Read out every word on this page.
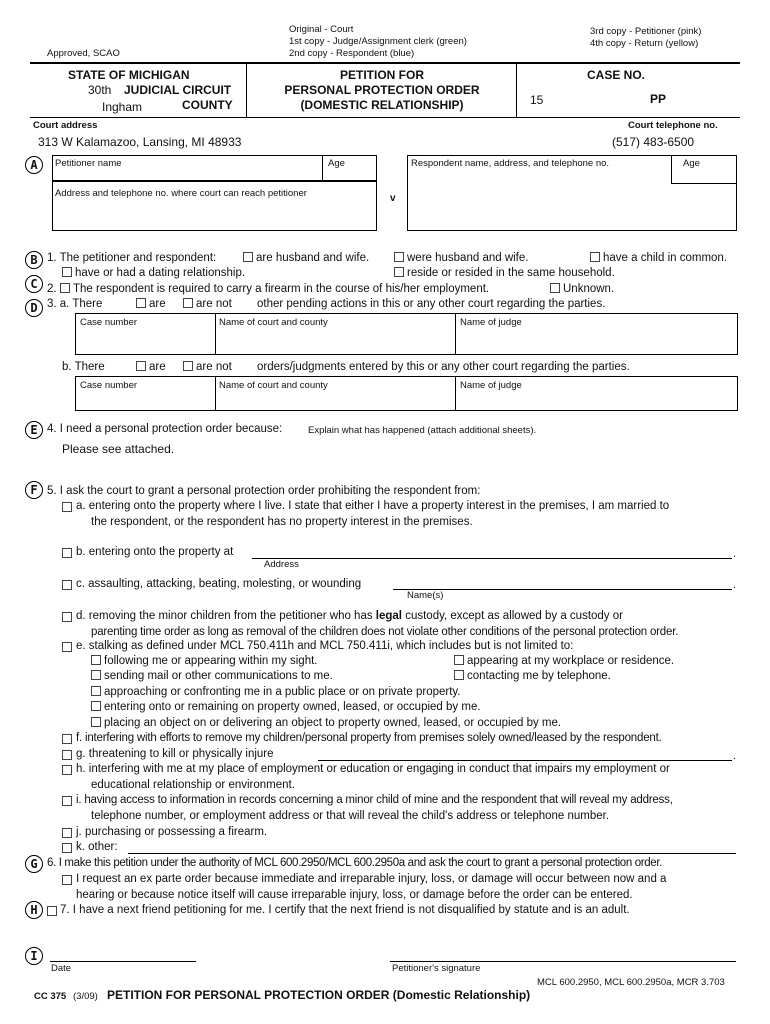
Approved, SCAO
Original - Court
1st copy - Judge/Assignment clerk (green)
2nd copy - Respondent (blue)
3rd copy - Petitioner (pink)
4th copy - Return (yellow)
STATE OF MICHIGAN
30th JUDICIAL CIRCUIT
Ingham	COUNTY
PETITION FOR
PERSONAL PROTECTION ORDER
(DOMESTIC RELATIONSHIP)
CASE NO.
15	PP
Court address	Court telephone no.
313 W Kalamazoo, Lansing, MI 48933	(517) 483-6500
A
B
C
D
E
F
G
H
I
Petitioner name	Age
Address and telephone no. where court can reach petitioner	v
Respondent name, address, and telephone no.	Age
1. The petitioner and respondent:	are husband and wife.	were husband and wife.	have a child in common.
have or had a dating relationship.	reside or resided in the same household.
2.	The respondent is required to carry a firearm in the course of his/her employment.	Unknown.
3. a. There	are	are not other pending actions in this or any other court regarding the parties.
Case number	Name of court and county	Name of judge
b. There	are	are not orders/judgments entered by this or any other court regarding the parties.
Case number	Name of court and county	Name of judge
4. I need a personal protection order because:	Explain what has happened (attach additional sheets).
Please see attached.
5. I ask the court to grant a personal protection order prohibiting the respondent from:
a. entering onto the property where I live. I state that either I have a property interest in the premises, I am married to
the respondent, or the respondent has no property interest in the premises.
b. entering onto the property at	.
Address
c. assaulting, attacking, beating, molesting, or wounding	.
Name(s)
d. removing the minor children from the petitioner who has legal custody, except as allowed by a custody or
parenting time order as long as removal of the children does not violate other conditions of the personal protection order.
e. stalking as defined under MCL 750.411h and MCL 750.411i, which includes but is not limited to:
following me or appearing within my sight.	appearing at my workplace or residence.
sending mail or other communications to me.	contacting me by telephone.
approaching or confronting me in a public place or on private property.
entering onto or remaining on property owned, leased, or occupied by me.
placing an object on or delivering an object to property owned, leased, or occupied by me.
f. interfering with efforts to remove my children/personal property from premises solely owned/leased by the respondent.
g. threatening to kill or physically injure	.
h. interfering with me at my place of employment or education or engaging in conduct that impairs my employment or
educational relationship or environment.
i. having access to information in records concerning a minor child of mine and the respondent that will reveal my address,
telephone number, or employment address or that will reveal the child's address or telephone number.
j. purchasing or possessing a firearm.
k. other:
6. I make this petition under the authority of MCL 600.2950/MCL 600.2950a and ask the court to grant a personal protection order.
I request an ex parte order because immediate and irreparable injury, loss, or damage will occur between now and a
hearing or because notice itself will cause irreparable injury, loss, or damage before the order can be entered.
7. I have a next friend petitioning for me. I certify that the next friend is not disqualified by statute and is an adult.
Date	Petitioner's signature
MCL 600.2950, MCL 600.2950a, MCR 3.703
CC 375 (3/09) PETITION FOR PERSONAL PROTECTION ORDER (Domestic Relationship)
